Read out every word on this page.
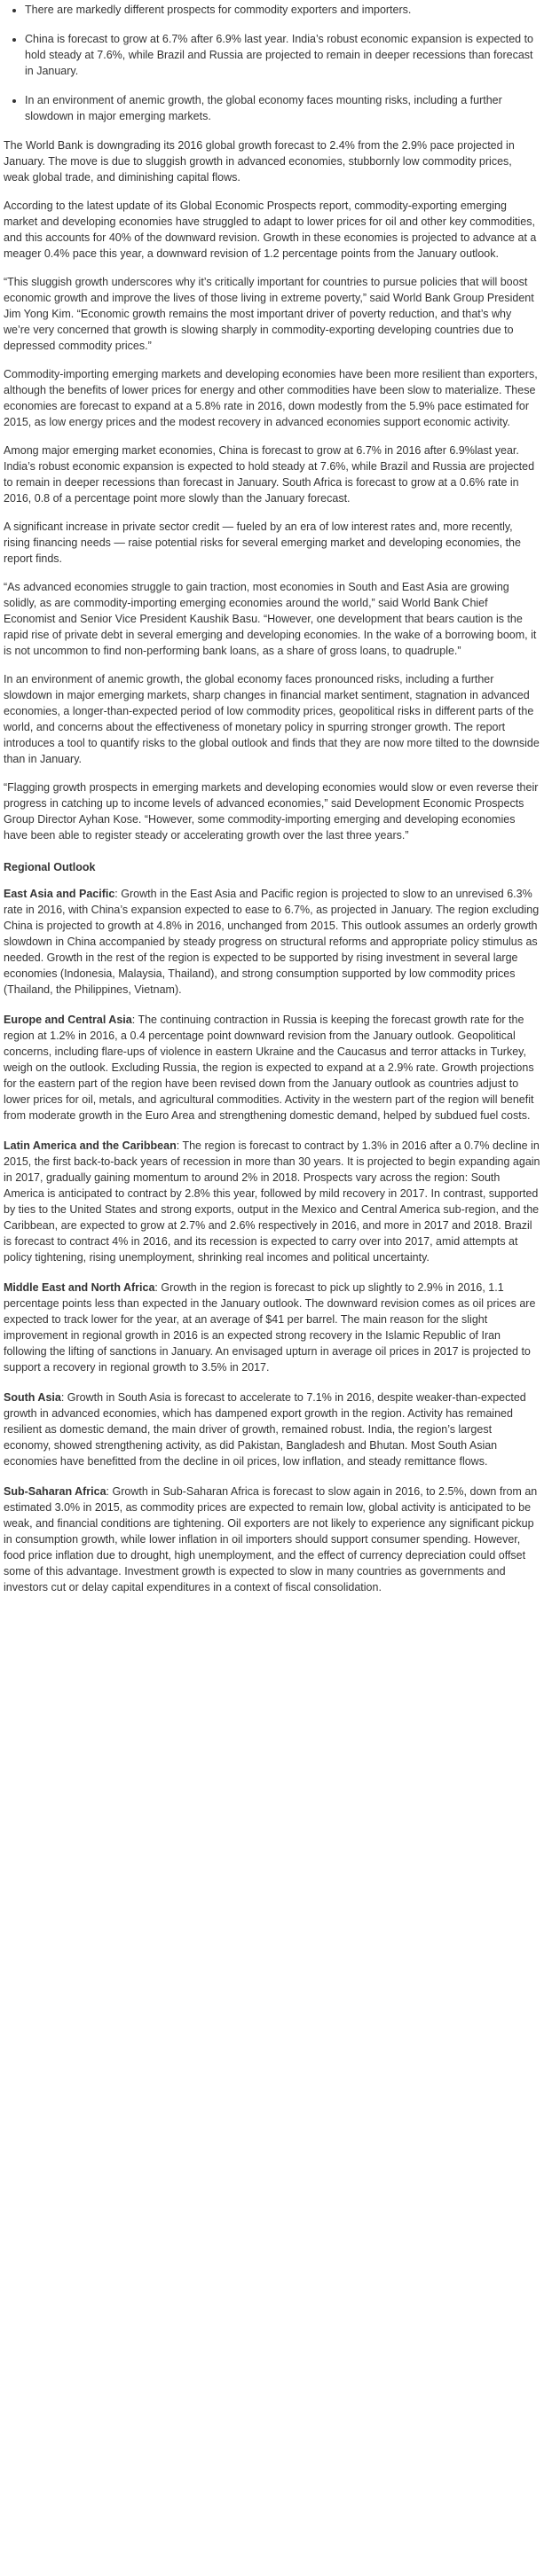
• There are markedly different prospects for commodity exporters and importers.
• China is forecast to grow at 6.7% after 6.9% last year. India’s robust economic expansion is expected to hold steady at 7.6%, while Brazil and Russia are projected to remain in deeper recessions than forecast in January.
• In an environment of anemic growth, the global economy faces mounting risks, including a further slowdown in major emerging markets.

The World Bank is downgrading its 2016 global growth forecast to 2.4% from the 2.9% pace projected in January. The move is due to sluggish growth in advanced economies, stubbornly low commodity prices, weak global trade, and diminishing capital flows.

According to the latest update of its Global Economic Prospects report, commodity-exporting emerging market and developing economies have struggled to adapt to lower prices for oil and other key commodities, and this accounts for 40% of the downward revision. Growth in these economies is projected to advance at a meager 0.4% pace this year, a downward revision of 1.2 percentage points from the January outlook.

“This sluggish growth underscores why it’s critically important for countries to pursue policies that will boost economic growth and improve the lives of those living in extreme poverty,” said World Bank Group President Jim Yong Kim. “Economic growth remains the most important driver of poverty reduction, and that’s why we’re very concerned that growth is slowing sharply in commodity-exporting developing countries due to depressed commodity prices.”

Commodity-importing emerging markets and developing economies have been more resilient than exporters, although the benefits of lower prices for energy and other commodities have been slow to materialize. These economies are forecast to expand at a 5.8% rate in 2016, down modestly from the 5.9% pace estimated for 2015, as low energy prices and the modest recovery in advanced economies support economic activity.

Among major emerging market economies, China is forecast to grow at 6.7% in 2016 after 6.9%last year. India’s robust economic expansion is expected to hold steady at 7.6%, while Brazil and Russia are projected to remain in deeper recessions than forecast in January. South Africa is forecast to grow at a 0.6% rate in 2016, 0.8 of a percentage point more slowly than the January forecast.

A significant increase in private sector credit — fueled by an era of low interest rates and, more recently, rising financing needs — raise potential risks for several emerging market and developing economies, the report finds.

“As advanced economies struggle to gain traction, most economies in South and East Asia are growing solidly, as are commodity-importing emerging economies around the world,” said World Bank Chief Economist and Senior Vice President Kaushik Basu. “However, one development that bears caution is the rapid rise of private debt in several emerging and developing economies. In the wake of a borrowing boom, it is not uncommon to find non-performing bank loans, as a share of gross loans, to quadruple.”

In an environment of anemic growth, the global economy faces pronounced risks, including a further slowdown in major emerging markets, sharp changes in financial market sentiment, stagnation in advanced economies, a longer-than-expected period of low commodity prices, geopolitical risks in different parts of the world, and concerns about the effectiveness of monetary policy in spurring stronger growth. The report introduces a tool to quantify risks to the global outlook and finds that they are now more tilted to the downside than in January.

“Flagging growth prospects in emerging markets and developing economies would slow or even reverse their progress in catching up to income levels of advanced economies,” said Development Economic Prospects Group Director Ayhan Kose. “However, some commodity-importing emerging and developing economies have been able to register steady or accelerating growth over the last three years.”

Regional Outlook

East Asia and Pacific: Growth in the East Asia and Pacific region is projected to slow to an unrevised 6.3% rate in 2016, with China’s expansion expected to ease to 6.7%, as projected in January. The region excluding China is projected to growth at 4.8% in 2016, unchanged from 2015. This outlook assumes an orderly growth slowdown in China accompanied by steady progress on structural reforms and appropriate policy stimulus as needed. Growth in the rest of the region is expected to be supported by rising investment in several large economies (Indonesia, Malaysia, Thailand), and strong consumption supported by low commodity prices (Thailand, the Philippines, Vietnam).

Europe and Central Asia: The continuing contraction in Russia is keeping the forecast growth rate for the region at 1.2% in 2016, a 0.4 percentage point downward revision from the January outlook. Geopolitical concerns, including flare-ups of violence in eastern Ukraine and the Caucasus and terror attacks in Turkey, weigh on the outlook. Excluding Russia, the region is expected to expand at a 2.9% rate. Growth projections for the eastern part of the region have been revised down from the January outlook as countries adjust to lower prices for oil, metals, and agricultural commodities. Activity in the western part of the region will benefit from moderate growth in the Euro Area and strengthening domestic demand, helped by subdued fuel costs.

Latin America and the Caribbean: The region is forecast to contract by 1.3% in 2016 after a 0.7% decline in 2015, the first back-to-back years of recession in more than 30 years. It is projected to begin expanding again in 2017, gradually gaining momentum to around 2% in 2018. Prospects vary across the region: South America is anticipated to contract by 2.8% this year, followed by mild recovery in 2017. In contrast, supported by ties to the United States and strong exports, output in the Mexico and Central America sub-region, and the Caribbean, are expected to grow at 2.7% and 2.6% respectively in 2016, and more in 2017 and 2018. Brazil is forecast to contract 4% in 2016, and its recession is expected to carry over into 2017, amid attempts at policy tightening, rising unemployment, shrinking real incomes and political uncertainty.

Middle East and North Africa: Growth in the region is forecast to pick up slightly to 2.9% in 2016, 1.1 percentage points less than expected in the January outlook. The downward revision comes as oil prices are expected to track lower for the year, at an average of $41 per barrel. The main reason for the slight improvement in regional growth in 2016 is an expected strong recovery in the Islamic Republic of Iran following the lifting of sanctions in January. An envisaged upturn in average oil prices in 2017 is projected to support a recovery in regional growth to 3.5% in 2017.

South Asia: Growth in South Asia is forecast to accelerate to 7.1% in 2016, despite weaker-than-expected growth in advanced economies, which has dampened export growth in the region. Activity has remained resilient as domestic demand, the main driver of growth, remained robust. India, the region’s largest economy, showed strengthening activity, as did Pakistan, Bangladesh and Bhutan. Most South Asian economies have benefitted from the decline in oil prices, low inflation, and steady remittance flows.

Sub-Saharan Africa: Growth in Sub-Saharan Africa is forecast to slow again in 2016, to 2.5%, down from an estimated 3.0% in 2015, as commodity prices are expected to remain low, global activity is anticipated to be weak, and financial conditions are tightening. Oil exporters are not likely to experience any significant pickup in consumption growth, while lower inflation in oil importers should support consumer spending. However, food price inflation due to drought, high unemployment, and the effect of currency depreciation could offset some of this advantage. Investment growth is expected to slow in many countries as governments and investors cut or delay capital expenditures in a context of fiscal consolidation.
